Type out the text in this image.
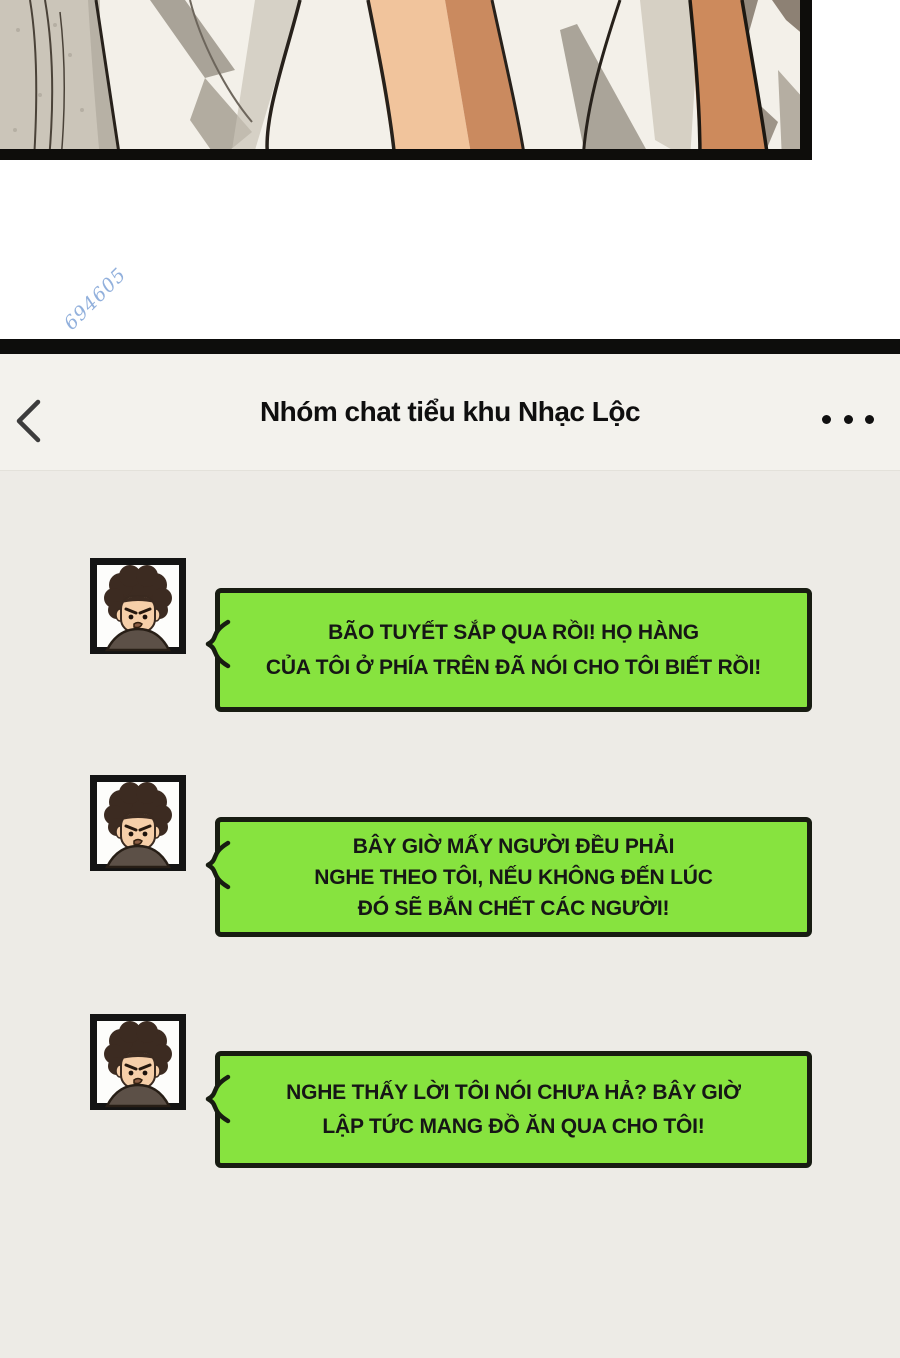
694605
Nhóm chat tiểu khu Nhạc Lộc
BÃO TUYẾT SẮP QUA RỒI! HỌ HÀNG
CỦA TÔI Ở PHÍA TRÊN ĐÃ NÓI CHO TÔI BIẾT RỒI!
BÂY GIỜ MẤY NGƯỜI ĐỀU PHẢI
NGHE THEO TÔI, NẾU KHÔNG ĐẾN LÚC
ĐÓ SẼ BẮN CHẾT CÁC NGƯỜI!
NGHE THẤY LỜI TÔI NÓI CHƯA HẢ? BÂY GIỜ
LẬP TỨC MANG ĐỒ ĂN QUA CHO TÔI!
